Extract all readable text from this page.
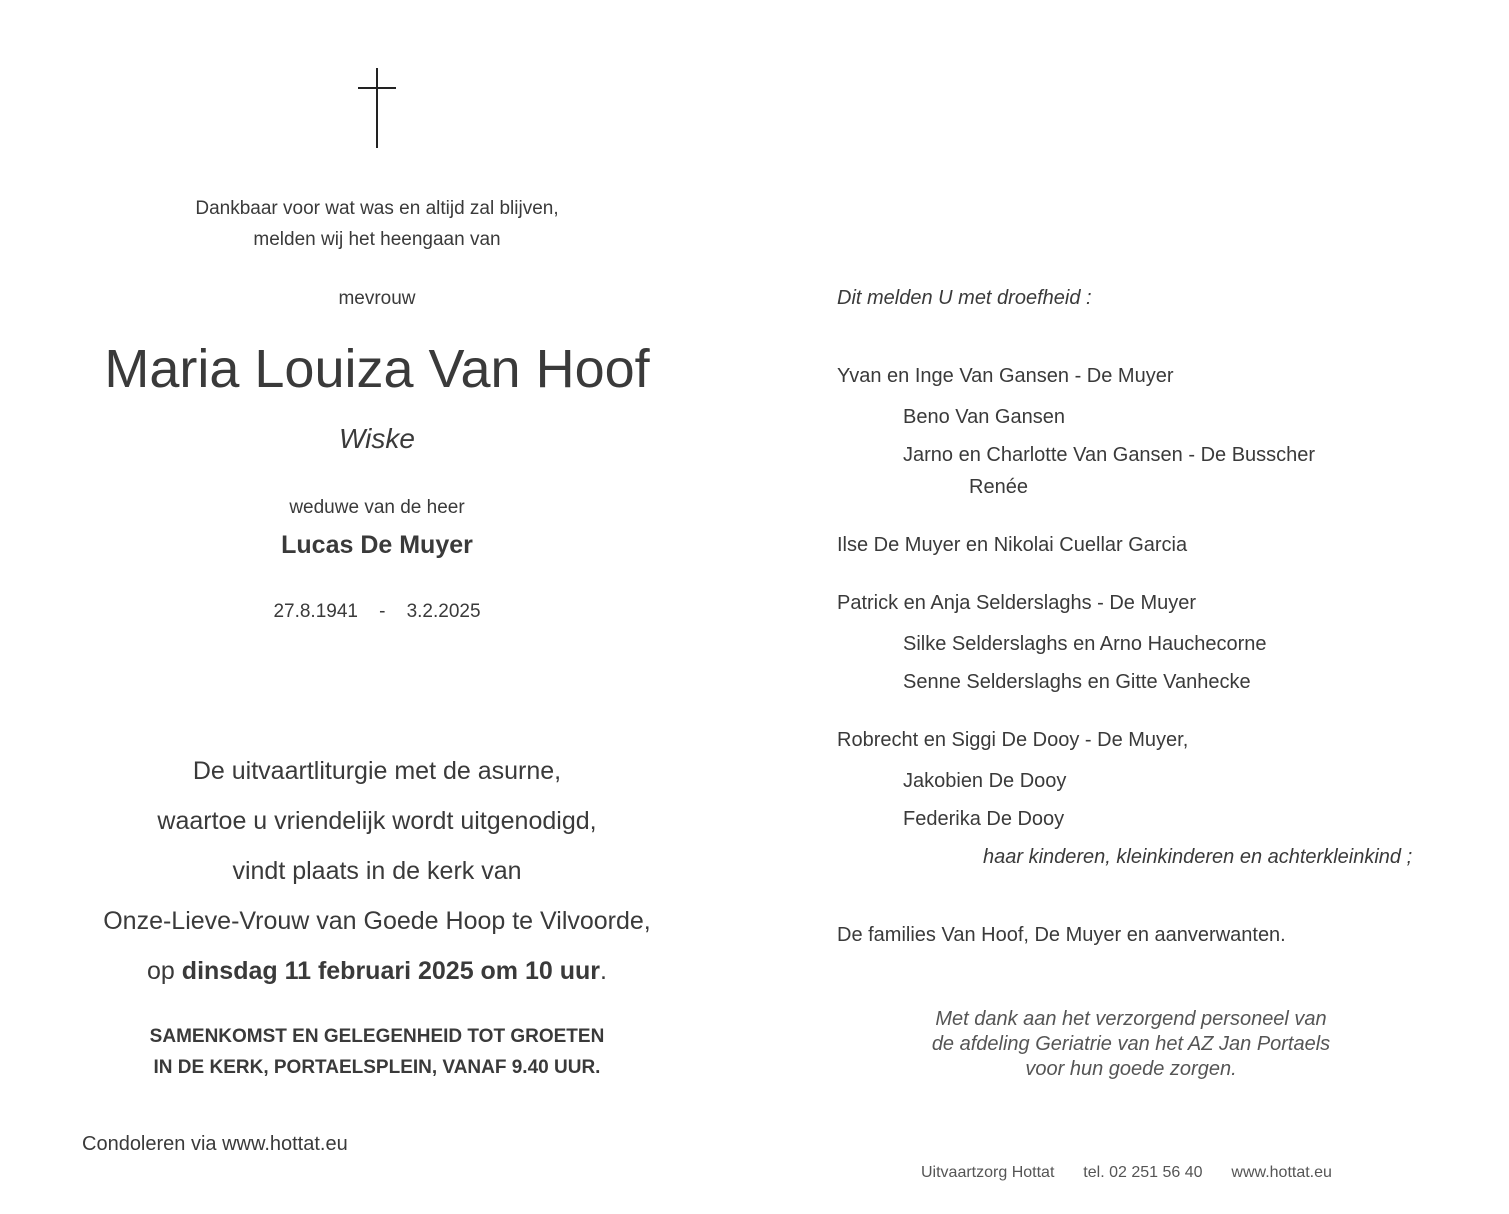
Dankbaar voor wat was en altijd zal blijven,
melden wij het heengaan van
mevrouw
Maria Louiza Van Hoof
Wiske
weduwe van de heer
Lucas De Muyer
27.8.1941 - 3.2.2025
De uitvaartliturgie met de asurne,
waartoe u vriendelijk wordt uitgenodigd,
vindt plaats in de kerk van
Onze-Lieve-Vrouw van Goede Hoop te Vilvoorde,
op dinsdag 11 februari 2025 om 10 uur.
SAMENKOMST EN GELEGENHEID TOT GROETEN
IN DE KERK, PORTAELSPLEIN, VANAF 9.40 UUR.
Condoleren via www.hottat.eu
Dit melden U met droefheid :
Yvan en Inge Van Gansen - De Muyer
Beno Van Gansen
Jarno en Charlotte Van Gansen - De Busscher
Renée
Ilse De Muyer en Nikolai Cuellar Garcia
Patrick en Anja Selderslaghs - De Muyer
Silke Selderslaghs en Arno Hauchecorne
Senne Selderslaghs en Gitte Vanhecke
Robrecht en Siggi De Dooy - De Muyer,
Jakobien De Dooy
Federika De Dooy
haar kinderen, kleinkinderen en achterkleinkind ;
De families Van Hoof, De Muyer en aanverwanten.
Met dank aan het verzorgend personeel van
de afdeling Geriatrie van het AZ Jan Portaels
voor hun goede zorgen.
Uitvaartzorg Hottat tel. 02 251 56 40 www.hottat.eu
